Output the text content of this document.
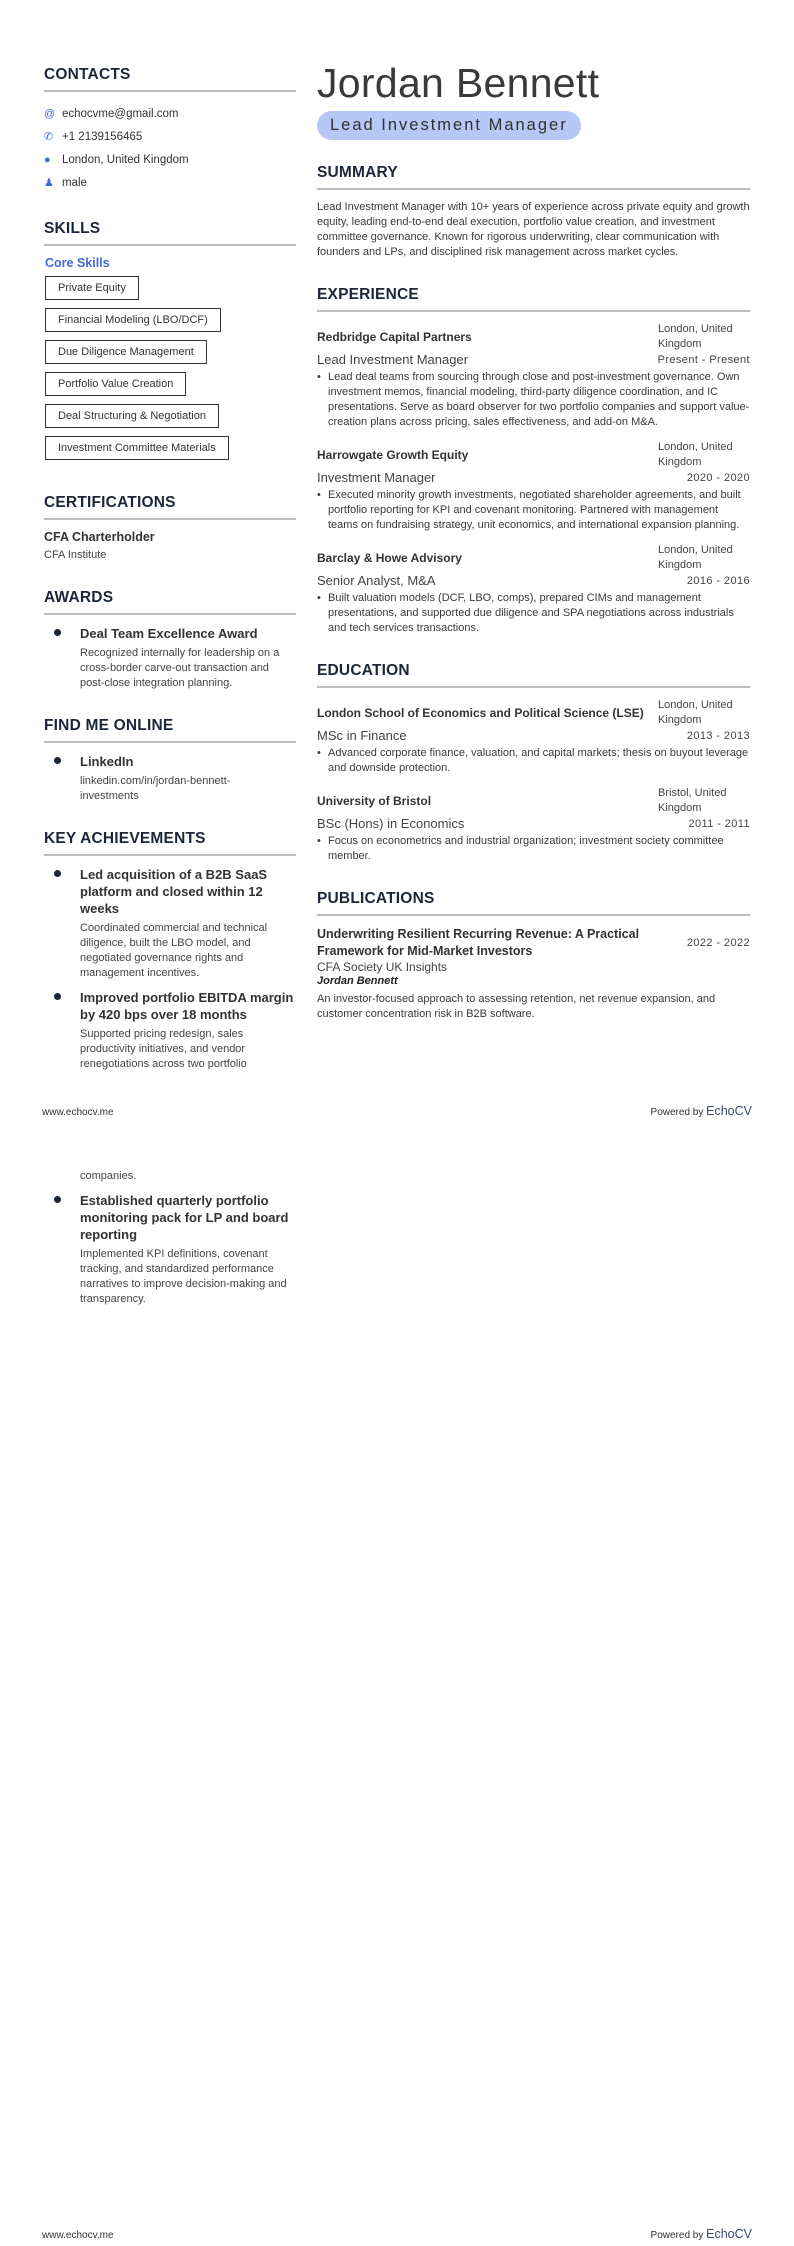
CONTACTS
@ echocvme@gmail.com
✆ +1 2139156465
● London, United Kingdom
♟ male
SKILLS
Core Skills
Private Equity
Financial Modeling (LBO/DCF)
Due Diligence Management
Portfolio Value Creation
Deal Structuring & Negotiation
Investment Committee Materials
CERTIFICATIONS
CFA Charterholder
CFA Institute
AWARDS
Deal Team Excellence Award
Recognized internally for leadership on a cross-border carve-out transaction and post-close integration planning.
FIND ME ONLINE
LinkedIn
linkedin.com/in/jordan-bennett-investments
KEY ACHIEVEMENTS
Led acquisition of a B2B SaaS platform and closed within 12 weeks
Coordinated commercial and technical diligence, built the LBO model, and negotiated governance rights and management incentives.
Improved portfolio EBITDA margin by 420 bps over 18 months
Supported pricing redesign, sales productivity initiatives, and vendor renegotiations across two portfolio
Jordan Bennett
Lead Investment Manager
SUMMARY
Lead Investment Manager with 10+ years of experience across private equity and growth equity, leading end-to-end deal execution, portfolio value creation, and investment committee governance. Known for rigorous underwriting, clear communication with founders and LPs, and disciplined risk management across market cycles.
EXPERIENCE
Redbridge Capital Partners
London, United Kingdom
Lead Investment Manager	Present - Present
• Lead deal teams from sourcing through close and post-investment governance. Own investment memos, financial modeling, third-party diligence coordination, and IC presentations. Serve as board observer for two portfolio companies and support value-creation plans across pricing, sales effectiveness, and add-on M&A.
Harrowgate Growth Equity
London, United Kingdom
Investment Manager	2020 - 2020
• Executed minority growth investments, negotiated shareholder agreements, and built portfolio reporting for KPI and covenant monitoring. Partnered with management teams on fundraising strategy, unit economics, and international expansion planning.
Barclay & Howe Advisory
London, United Kingdom
Senior Analyst, M&A	2016 - 2016
• Built valuation models (DCF, LBO, comps), prepared CIMs and management presentations, and supported due diligence and SPA negotiations across industrials and tech services transactions.
EDUCATION
London School of Economics and Political Science (LSE)
London, United Kingdom
MSc in Finance	2013 - 2013
• Advanced corporate finance, valuation, and capital markets; thesis on buyout leverage and downside protection.
University of Bristol
Bristol, United Kingdom
BSc (Hons) in Economics	2011 - 2011
• Focus on econometrics and industrial organization; investment society committee member.
PUBLICATIONS
Underwriting Resilient Recurring Revenue: A Practical Framework for Mid-Market Investors
2022 - 2022
CFA Society UK Insights
Jordan Bennett
An investor-focused approach to assessing retention, net revenue expansion, and customer concentration risk in B2B software.
www.echocv.me	Powered by EchoCV
companies.
Established quarterly portfolio monitoring pack for LP and board reporting
Implemented KPI definitions, covenant tracking, and standardized performance narratives to improve decision-making and transparency.
www.echocv.me	Powered by EchoCV
